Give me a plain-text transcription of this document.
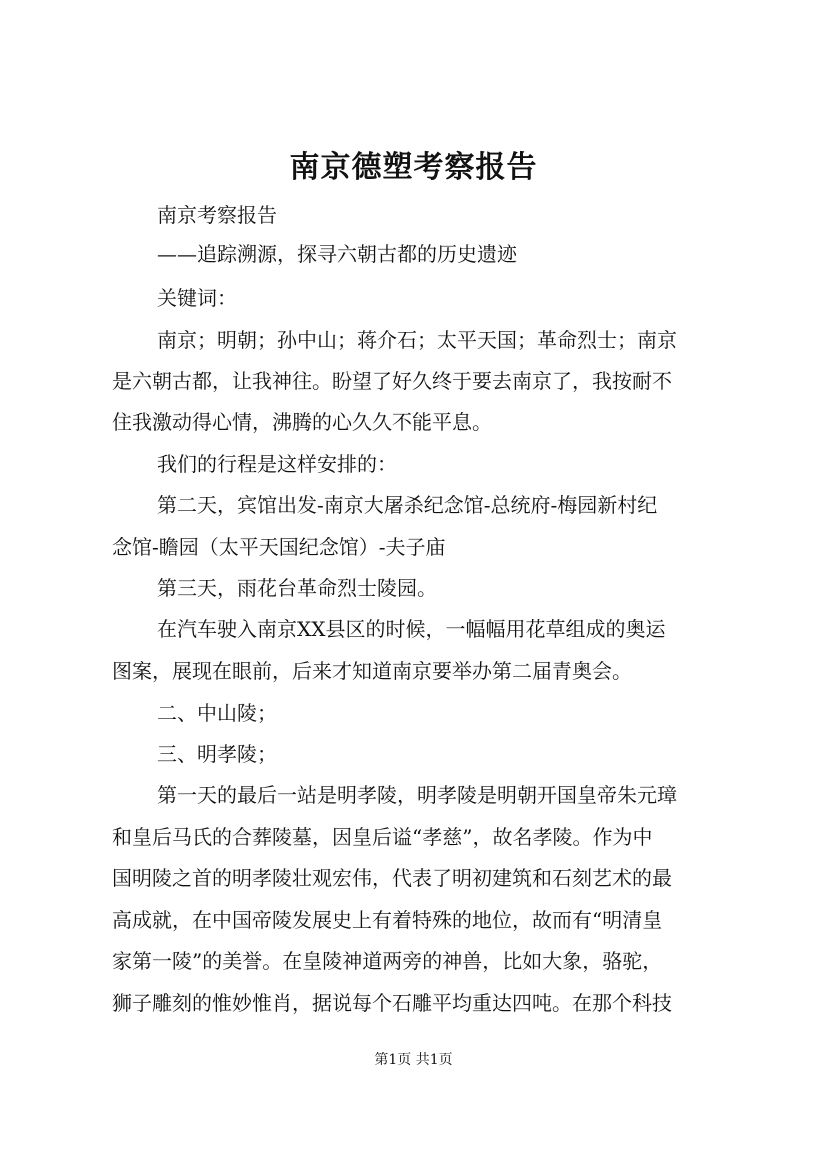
南京德塑考察报告
南京考察报告
——追踪溯源，探寻六朝古都的历史遗迹
关键词：
南京；明朝；孙中山；蒋介石；太平天国；革命烈士；南京
是六朝古都，让我神往。盼望了好久终于要去南京了，我按耐不
住我激动得心情，沸腾的心久久不能平息。
我们的行程是这样安排的：
第二天，宾馆出发-南京大屠杀纪念馆-总统府-梅园新村纪
念馆-瞻园（太平天国纪念馆）-夫子庙
第三天，雨花台革命烈士陵园。
在汽车驶入南京XX县区的时候，一幅幅用花草组成的奥运
图案，展现在眼前，后来才知道南京要举办第二届青奥会。
二、中山陵；
三、明孝陵；
第一天的最后一站是明孝陵，明孝陵是明朝开国皇帝朱元璋
和皇后马氏的合葬陵墓，因皇后谥“孝慈”，故名孝陵。作为中
国明陵之首的明孝陵壮观宏伟，代表了明初建筑和石刻艺术的最
高成就，在中国帝陵发展史上有着特殊的地位，故而有“明清皇
家第一陵”的美誉。在皇陵神道两旁的神兽，比如大象，骆驼，
狮子雕刻的惟妙惟肖，据说每个石雕平均重达四吨。在那个科技
第1页 共1页
